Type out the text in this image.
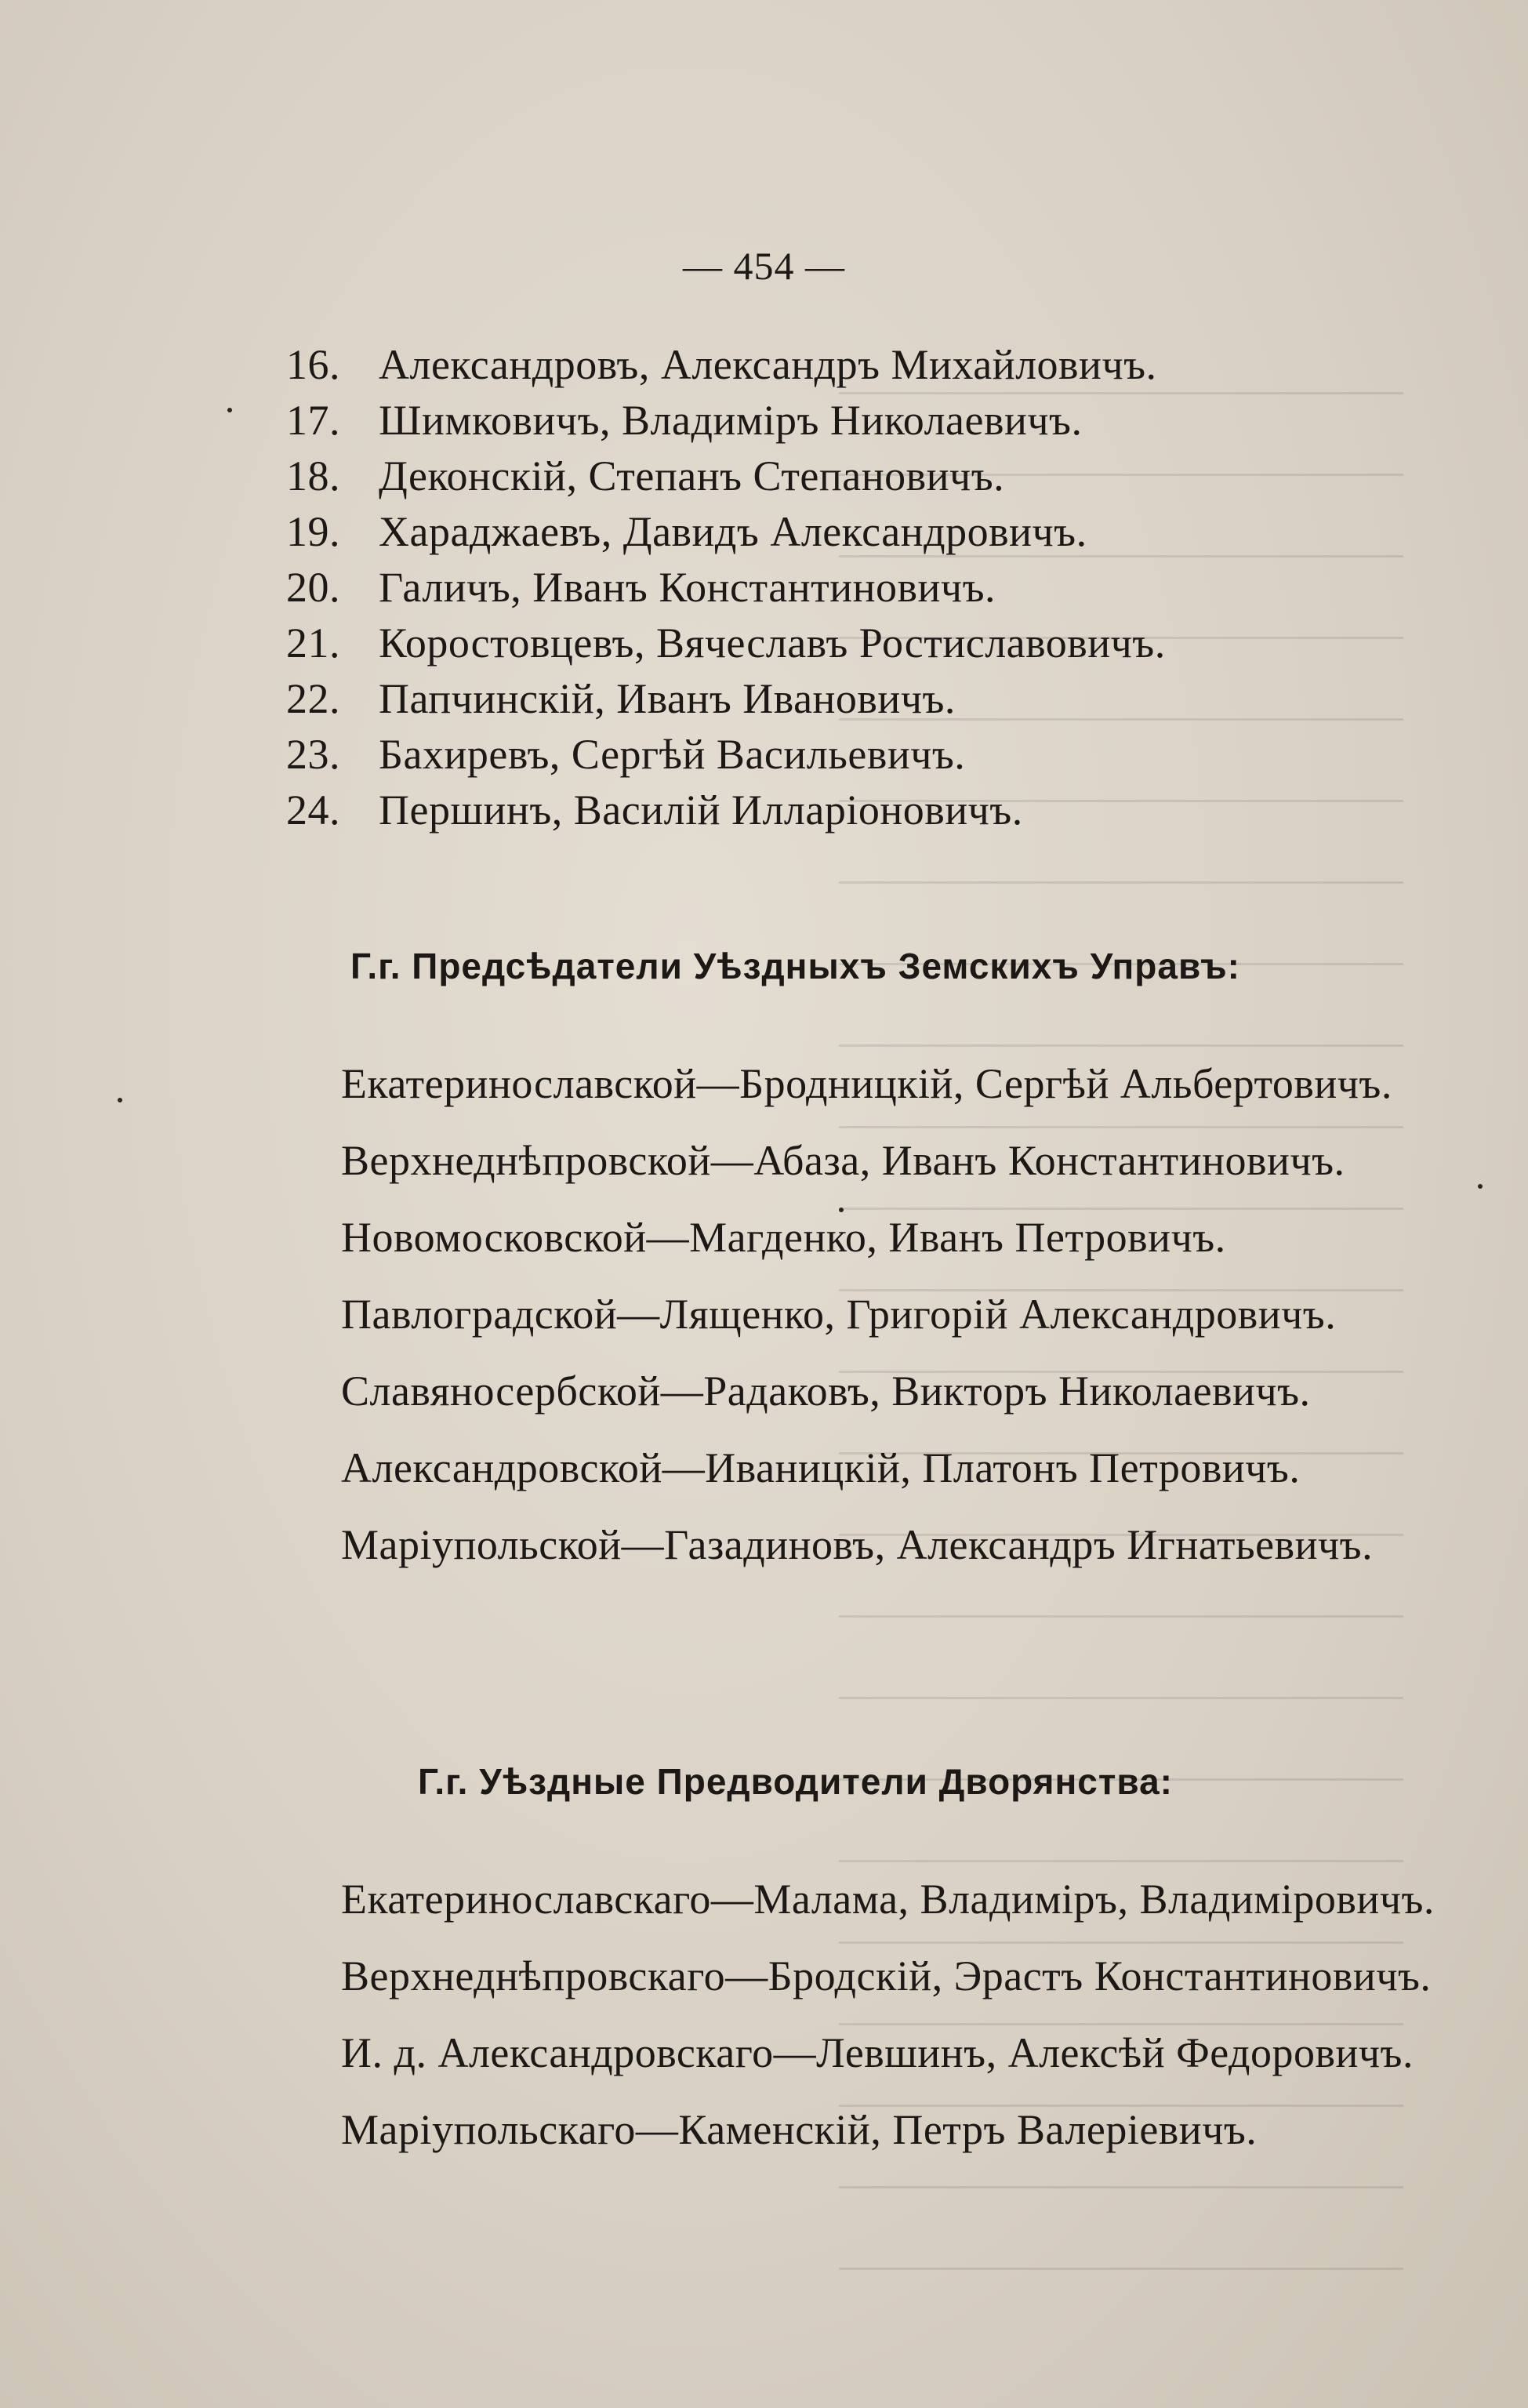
— 454 —
16. Александровъ, Александръ Михайловичъ.
17. Шимковичъ, Владиміръ Николаевичъ.
18. Деконскій, Степанъ Степановичъ.
19. Хараджаевъ, Давидъ Александровичъ.
20. Галичъ, Иванъ Константиновичъ.
21. Коростовцевъ, Вячеславъ Ростиславовичъ.
22. Папчинскій, Иванъ Ивановичъ.
23. Бахиревъ, Сергѣй Васильевичъ.
24. Першинъ, Василій Илларіоновичъ.
Г.г. Предсѣдатели Уѣздныхъ Земскихъ Управъ:

Екатеринославской—Бродницкій, Сергѣй Альбертовичъ.

Верхнеднѣпровской—Абаза, Иванъ Константиновичъ.

Новомосковской—Магденко, Иванъ Петровичъ.

Павлоградской—Лященко, Григорій Александровичъ.

Славяносербской—Радаковъ, Викторъ Николаевичъ.

Александровской—Иваницкій, Платонъ Петровичъ.

Маріупольской—Газадиновъ, Александръ Игнатьевичъ.

Г.г. Уѣздные Предводители Дворянства:

Екатеринославскаго—Малама, Владиміръ, Владиміровичъ.

Верхнеднѣпровскаго—Бродскій, Эрастъ Константиновичъ.

И. д. Александровскаго—Левшинъ, Алексѣй Федоровичъ.

Маріупольскаго—Каменскій, Петръ Валеріевичъ.
